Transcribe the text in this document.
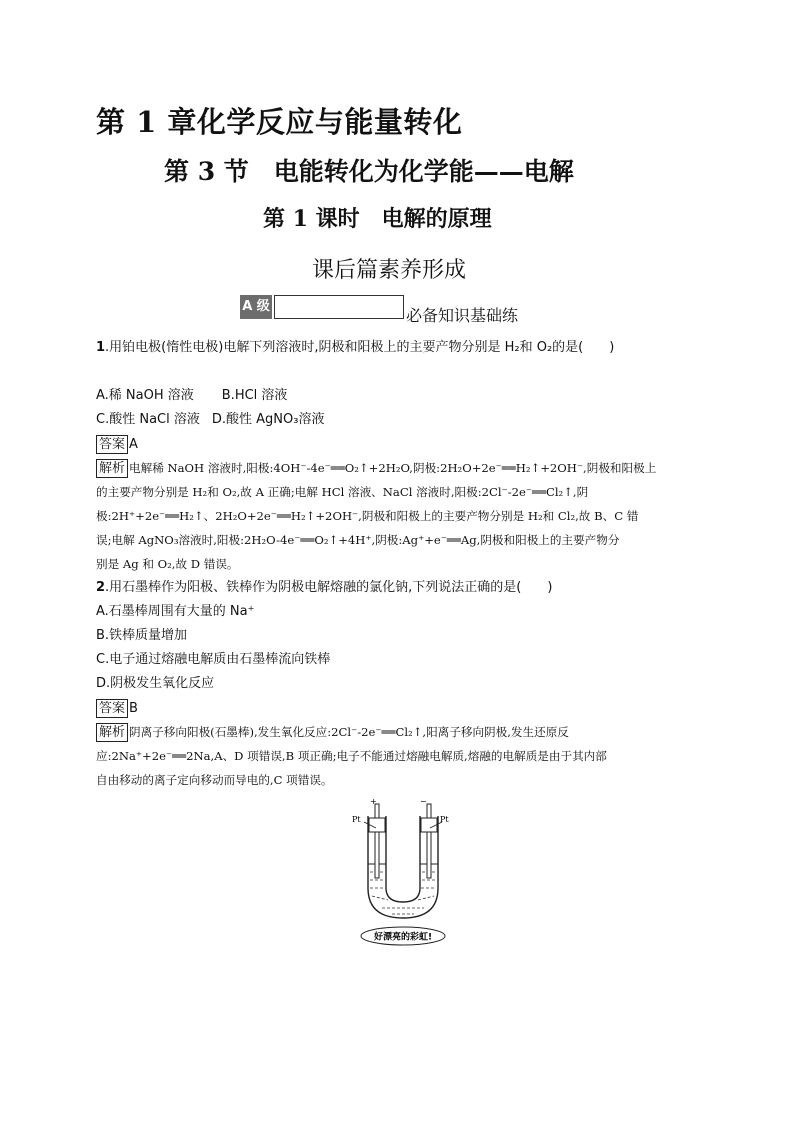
第 1 章化学反应与能量转化
第 3 节　电能转化为化学能——电解
第 1 课时　电解的原理
课后篇素养形成
A 级	必备知识基础练
1.用铂电极(惰性电极)电解下列溶液时,阴极和阳极上的主要产物分别是 H₂和 O₂的是(　　)
A.稀 NaOH 溶液 B.HCl 溶液
C.酸性 NaCl 溶液 D.酸性 AgNO₃溶液
答案 A
解析 电解稀 NaOH 溶液时,阳极:4OH⁻-4e⁻══O₂↑+2H₂O,阴极:2H₂O+2e⁻══H₂↑+2OH⁻,阴极和阳极上
的主要产物分别是 H₂和 O₂,故 A 正确;电解 HCl 溶液、NaCl 溶液时,阳极:2Cl⁻-2e⁻══Cl₂↑,阴
极:2H⁺+2e⁻══H₂↑、2H₂O+2e⁻══H₂↑+2OH⁻,阴极和阳极上的主要产物分别是 H₂和 Cl₂,故 B、C 错
误;电解 AgNO₃溶液时,阳极:2H₂O-4e⁻══O₂↑+4H⁺,阴极:Ag⁺+e⁻══Ag,阴极和阳极上的主要产物分
别是 Ag 和 O₂,故 D 错误。
2.用石墨棒作为阳极、铁棒作为阴极电解熔融的氯化钠,下列说法正确的是(　　)
A.石墨棒周围有大量的 Na⁺
B.铁棒质量增加
C.电子通过熔融电解质由石墨棒流向铁棒
D.阴极发生氧化反应
答案 B
解析 阴离子移向阳极(石墨棒),发生氧化反应:2Cl⁻-2e⁻══Cl₂↑,阳离子移向阴极,发生还原反
应:2Na⁺+2e⁻══2Na,A、D 项错误,B 项正确;电子不能通过熔融电解质,熔融的电解质是由于其内部
自由移动的离子定向移动而导电的,C 项错误。
+	−
Pt	Pt
好漂亮的彩虹!
